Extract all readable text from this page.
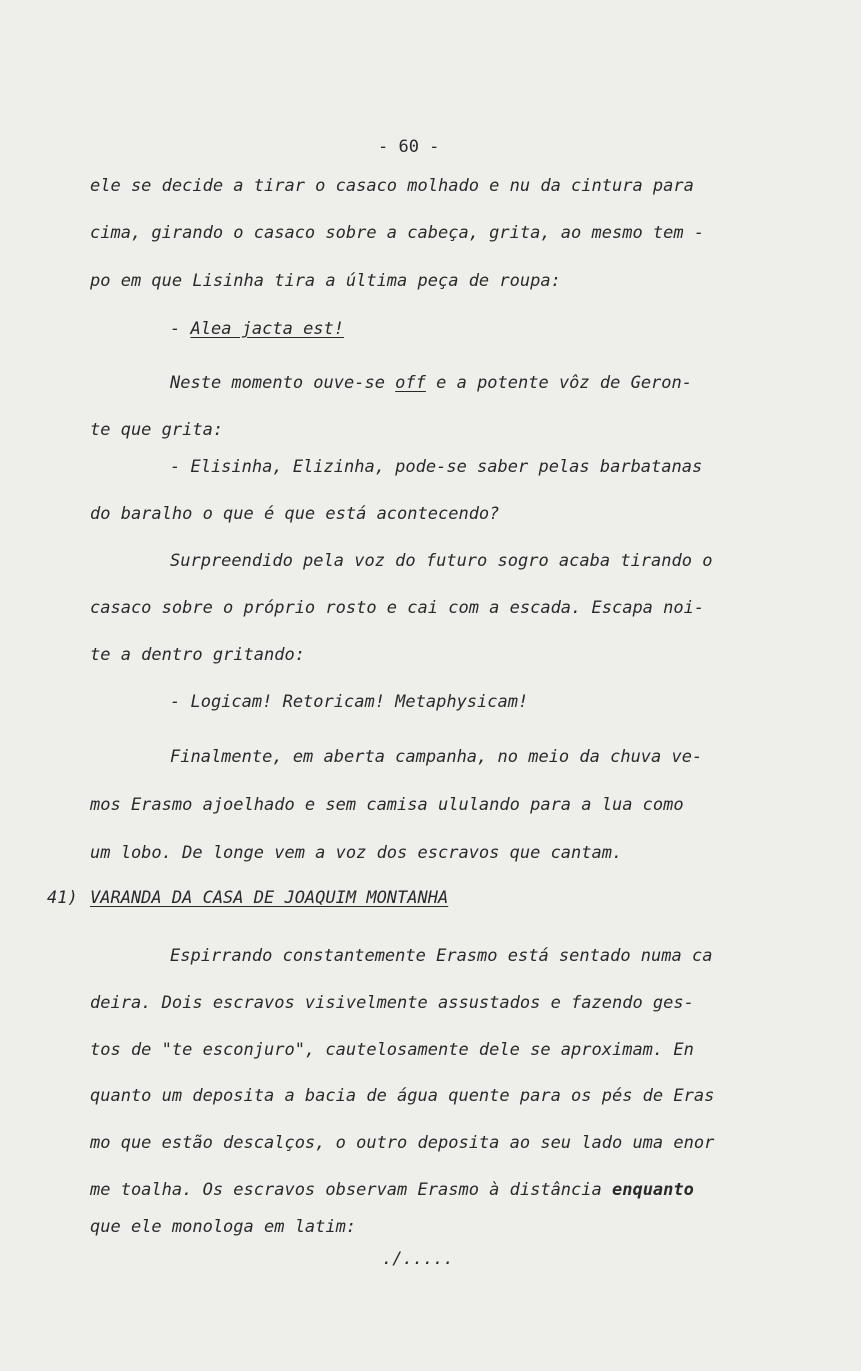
- 60 -
ele se decide a tirar o casaco molhado e nu da cintura para
cima, girando o casaco sobre a cabeça, grita, ao mesmo tem -
po em que Lisinha tira a última peça de roupa:
- Alea jacta est!
Neste momento ouve-se off e a potente vôz de Geron-
te que grita:
- Elisinha, Elizinha, pode-se saber pelas barbatanas
do baralho o que é que está acontecendo?
Surpreendido pela voz do futuro sogro acaba tirando o
casaco sobre o próprio rosto e cai com a escada. Escapa noi-
te a dentro gritando:
- Logicam! Retoricam! Metaphysicam!
Finalmente, em aberta campanha, no meio da chuva ve-
mos Erasmo ajoelhado e sem camisa ululando para a lua como
um lobo. De longe vem a voz dos escravos que cantam.
41) VARANDA DA CASA DE JOAQUIM MONTANHA
Espirrando constantemente Erasmo está sentado numa ca
deira. Dois escravos visivelmente assustados e fazendo ges-
tos de "te esconjuro", cautelosamente dele se aproximam. En
quanto um deposita a bacia de água quente para os pés de Eras
mo que estão descalços, o outro deposita ao seu lado uma enor
me toalha. Os escravos observam Erasmo à distância enquanto
que ele monologa em latim:
./.....
